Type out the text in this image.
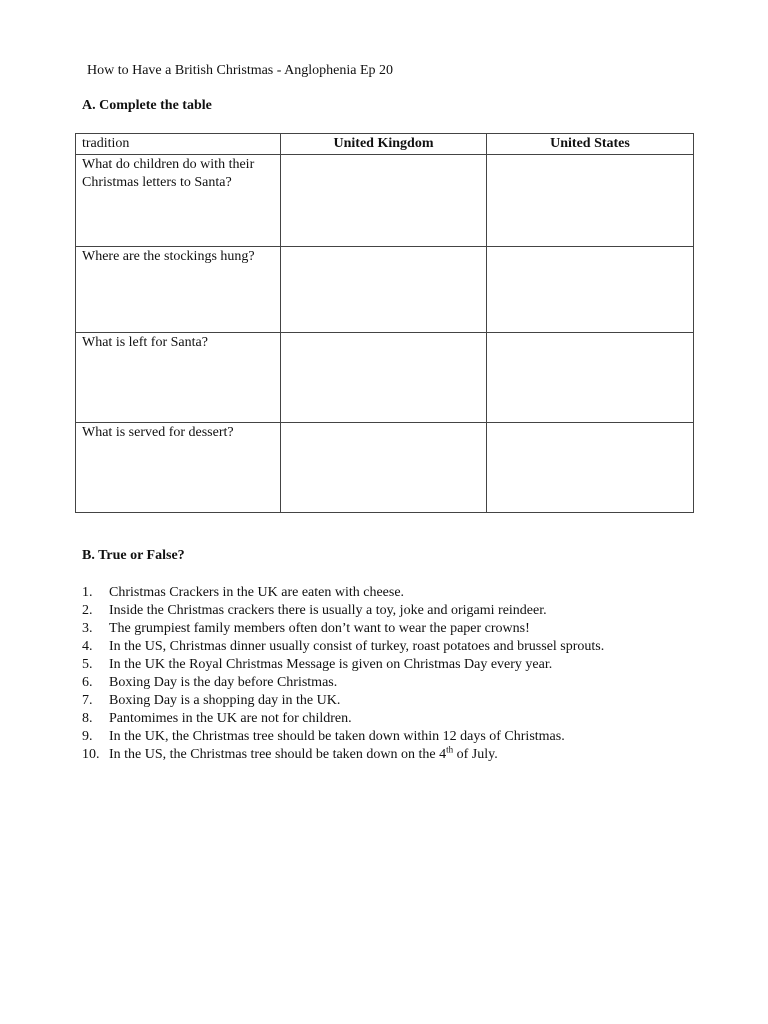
How to Have a British Christmas - Anglophenia Ep 20
A. Complete the table
tradition	United Kingdom	United States
What do children do with their Christmas letters to Santa?		
Where are the stockings hung?		
What is left for Santa?		
What is served for dessert?		
B. True or False?
1.	Christmas Crackers in the UK are eaten with cheese.
2.	Inside the Christmas crackers there is usually a toy, joke and origami reindeer.
3.	The grumpiest family members often don’t want to wear the paper crowns!
4.	In the US, Christmas dinner usually consist of turkey, roast potatoes and brussel sprouts.
5.	In the UK the Royal Christmas Message is given on Christmas Day every year.
6.	Boxing Day is the day before Christmas.
7.	Boxing Day is a shopping day in the UK.
8.	Pantomimes in the UK are not for children.
9.	In the UK, the Christmas tree should be taken down within 12 days of Christmas.
10. In the US, the Christmas tree should be taken down on the 4th of July.
